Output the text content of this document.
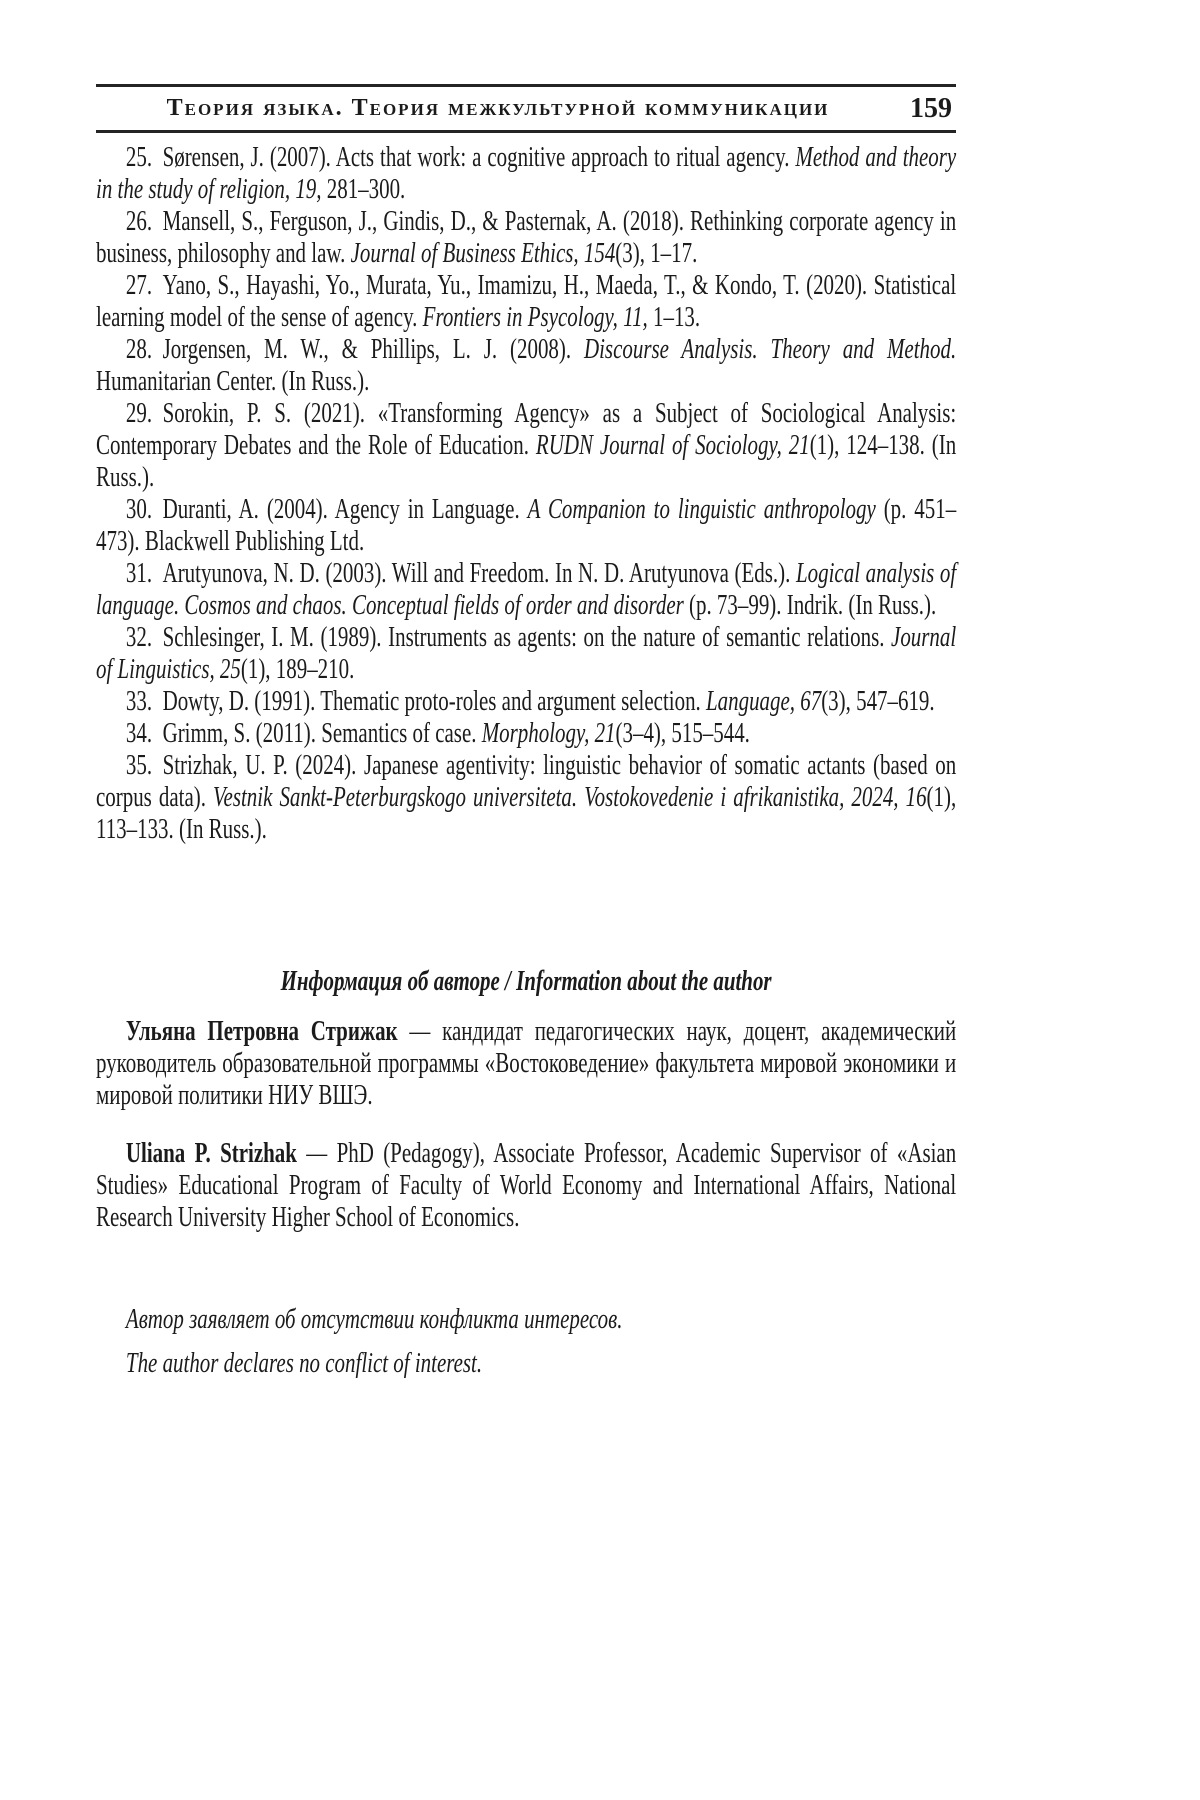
Теория языка. Теория межкультурной коммуникации	159

25. Sørensen, J. (2007). Acts that work: a cognitive approach to ritual agency. Method and theory in the study of religion, 19, 281–300.

26. Mansell, S., Ferguson, J., Gindis, D., & Pasternak, A. (2018). Rethinking corporate agency in business, philosophy and law. Journal of Business Ethics, 154(3), 1–17.

27. Yano, S., Hayashi, Yo., Murata, Yu., Imamizu, H., Maeda, T., & Kondo, T. (2020). Statistical learning model of the sense of agency. Frontiers in Psycology, 11, 1–13.

28. Jorgensen, M. W., & Phillips, L. J. (2008). Discourse Analysis. Theory and Method. Humanitarian Center. (In Russ.).

29. Sorokin, P. S. (2021). «Transforming Agency» as a Subject of Sociological Analysis: Contemporary Debates and the Role of Education. RUDN Journal of Sociology, 21(1), 124–138. (In Russ.).

30. Duranti, A. (2004). Agency in Language. A Companion to linguistic anthropology (p. 451–473). Blackwell Publishing Ltd.

31. Arutyunova, N. D. (2003). Will and Freedom. In N. D. Arutyunova (Eds.). Logical analysis of language. Cosmos and chaos. Conceptual fields of order and disorder (p. 73–99). Indrik. (In Russ.).

32. Schlesinger, I. M. (1989). Instruments as agents: on the nature of semantic relations. Journal of Linguistics, 25(1), 189–210.

33. Dowty, D. (1991). Thematic proto-roles and argument selection. Language, 67(3), 547–619.

34. Grimm, S. (2011). Semantics of case. Morphology, 21(3–4), 515–544.

35. Strizhak, U. P. (2024). Japanese agentivity: linguistic behavior of somatic actants (based on corpus data). Vestnik Sankt-Peterburgskogo universiteta. Vostokovedenie i afrikanistika, 2024, 16(1), 113–133. (In Russ.).

Информация об авторе / Information about the author

Ульяна Петровна Стрижак — кандидат педагогических наук, доцент, академический руководитель образовательной программы «Востоковедение» факультета мировой экономики и мировой политики НИУ ВШЭ.

Uliana P. Strizhak — PhD (Pedagogy), Associate Professor, Academic Supervisor of «Asian Studies» Educational Program of Faculty of World Economy and International Affairs, National Research University Higher School of Economics.

Автор заявляет об отсутствии конфликта интересов.

The author declares no conflict of interest.
